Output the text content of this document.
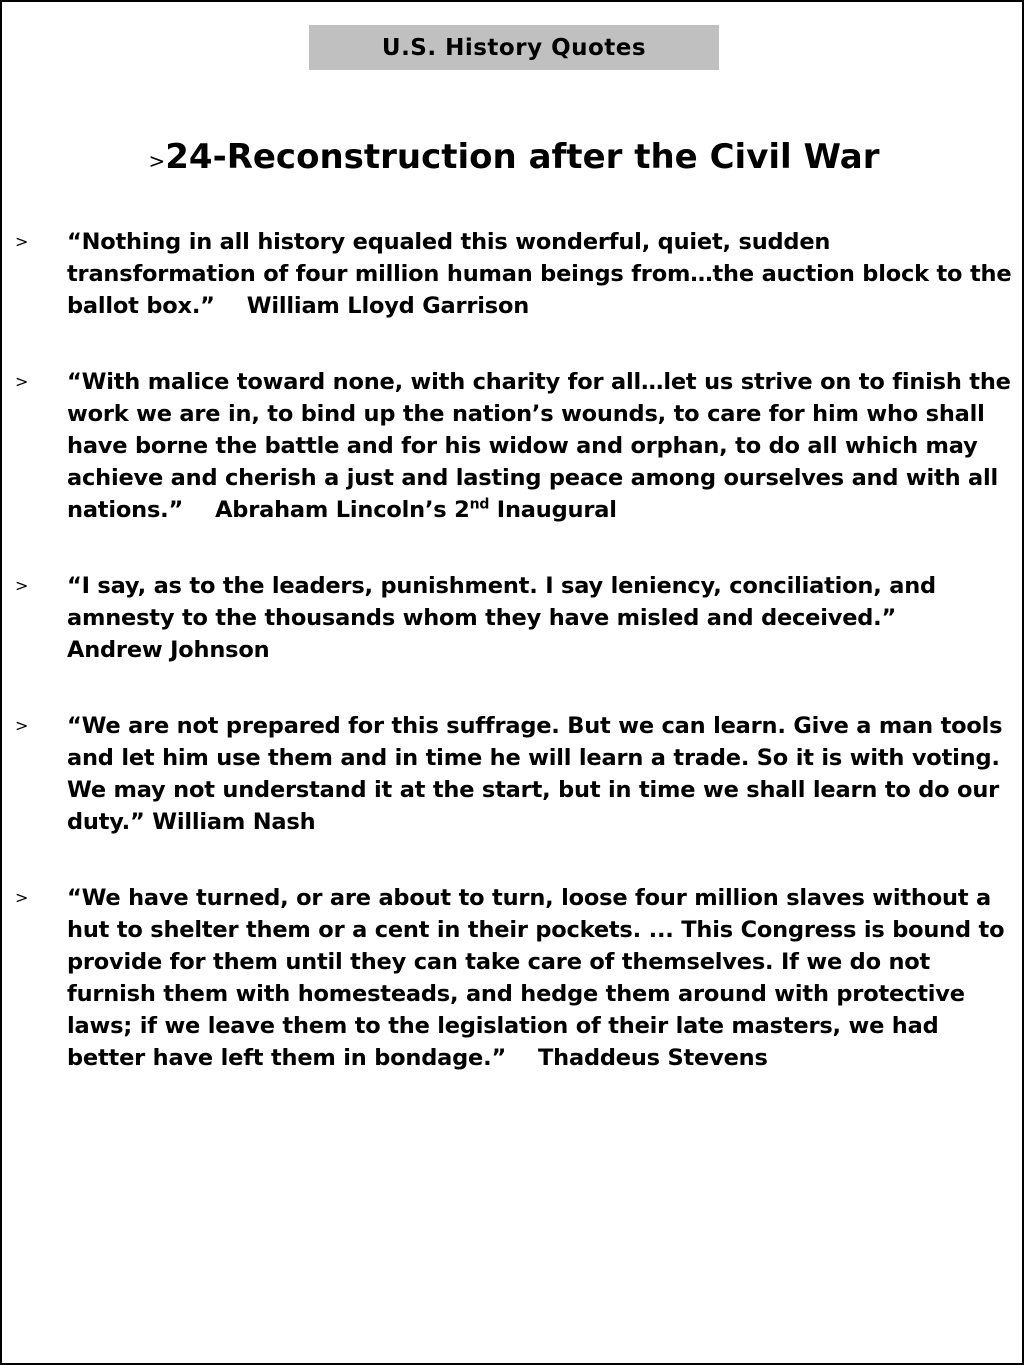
U.S. History Quotes
>24-Reconstruction after the Civil War
> “Nothing in all history equaled this wonderful, quiet, sudden transformation of four million human beings from…the auction block to the ballot box.” William Lloyd Garrison
> “With malice toward none, with charity for all…let us strive on to finish the work we are in, to bind up the nation’s wounds, to care for him who shall have borne the battle and for his widow and orphan, to do all which may achieve and cherish a just and lasting peace among ourselves and with all nations.” Abraham Lincoln’s 2nd Inaugural
> “I say, as to the leaders, punishment. I say leniency, conciliation, and amnesty to the thousands whom they have misled and deceived.”Andrew Johnson
> “We are not prepared for this suffrage. But we can learn. Give a man tools and let him use them and in time he will learn a trade. So it is with voting. We may not understand it at the start, but in time we shall learn to do our duty.” William Nash
> “We have turned, or are about to turn, loose four million slaves without a hut to shelter them or a cent in their pockets. ... This Congress is bound to provide for them until they can take care of themselves. If we do not furnish them with homesteads, and hedge them around with protective laws; if we leave them to the legislation of their late masters, we had better have left them in bondage.” Thaddeus Stevens
